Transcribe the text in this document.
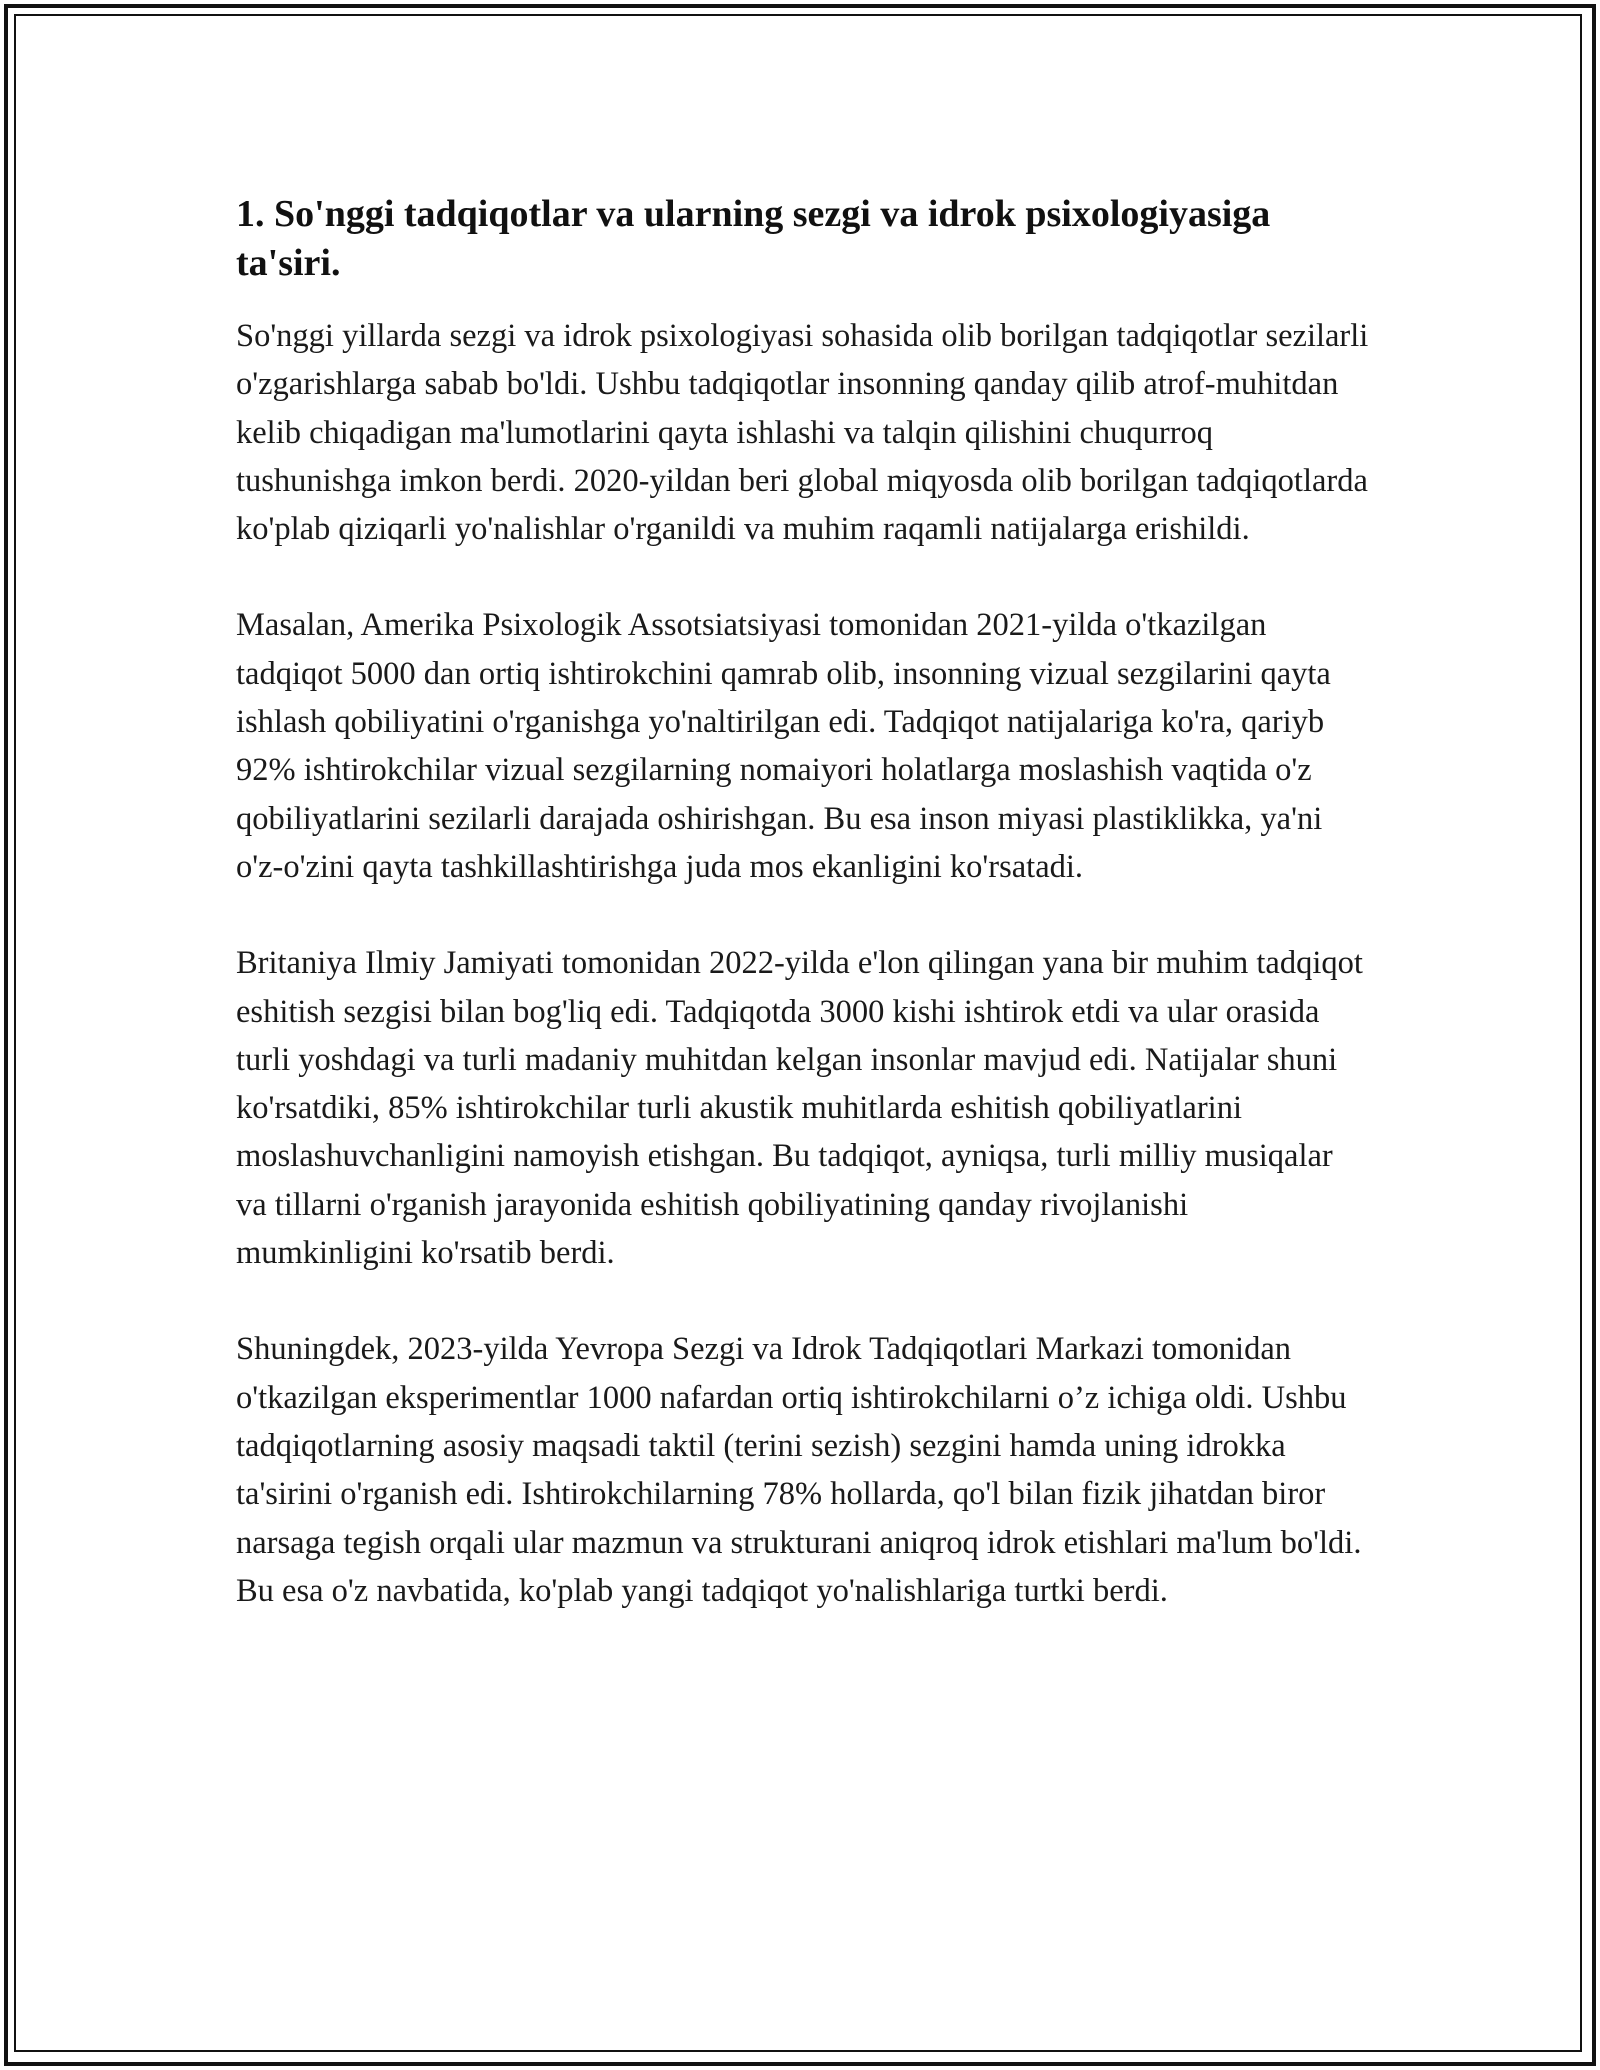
1. So'nggi tadqiqotlar va ularning sezgi va idrok psixologiyasiga ta'siri.

So'nggi yillarda sezgi va idrok psixologiyasi sohasida olib borilgan tadqiqotlar sezilarli o'zgarishlarga sabab bo'ldi. Ushbu tadqiqotlar insonning qanday qilib atrof-muhitdan kelib chiqadigan ma'lumotlarini qayta ishlashi va talqin qilishini chuqurroq tushunishga imkon berdi. 2020-yildan beri global miqyosda olib borilgan tadqiqotlarda ko'plab qiziqarli yo'nalishlar o'rganildi va muhim raqamli natijalarga erishildi.

Masalan, Amerika Psixologik Assotsiatsiyasi tomonidan 2021-yilda o'tkazilgan tadqiqot 5000 dan ortiq ishtirokchini qamrab olib, insonning vizual sezgilarini qayta ishlash qobiliyatini o'rganishga yo'naltirilgan edi. Tadqiqot natijalariga ko'ra, qariyb 92% ishtirokchilar vizual sezgilarning nomaiyori holatlarga moslashish vaqtida o'z qobiliyatlarini sezilarli darajada oshirishgan. Bu esa inson miyasi plastiklikka, ya'ni o'z-o'zini qayta tashkillashtirishga juda mos ekanligini ko'rsatadi.

Britaniya Ilmiy Jamiyati tomonidan 2022-yilda e'lon qilingan yana bir muhim tadqiqot eshitish sezgisi bilan bog'liq edi. Tadqiqotda 3000 kishi ishtirok etdi va ular orasida turli yoshdagi va turli madaniy muhitdan kelgan insonlar mavjud edi. Natijalar shuni ko'rsatdiki, 85% ishtirokchilar turli akustik muhitlarda eshitish qobiliyatlarini moslashuvchanligini namoyish etishgan. Bu tadqiqot, ayniqsa, turli milliy musiqalar va tillarni o'rganish jarayonida eshitish qobiliyatining qanday rivojlanishi mumkinligini ko'rsatib berdi.

Shuningdek, 2023-yilda Yevropa Sezgi va Idrok Tadqiqotlari Markazi tomonidan o'tkazilgan eksperimentlar 1000 nafardan ortiq ishtirokchilarni o’z ichiga oldi. Ushbu tadqiqotlarning asosiy maqsadi taktil (terini sezish) sezgini hamda uning idrokka ta'sirini o'rganish edi. Ishtirokchilarning 78% hollarda, qo'l bilan fizik jihatdan biror narsaga tegish orqali ular mazmun va strukturani aniqroq idrok etishlari ma'lum bo'ldi. Bu esa o'z navbatida, ko'plab yangi tadqiqot yo'nalishlariga turtki berdi.
